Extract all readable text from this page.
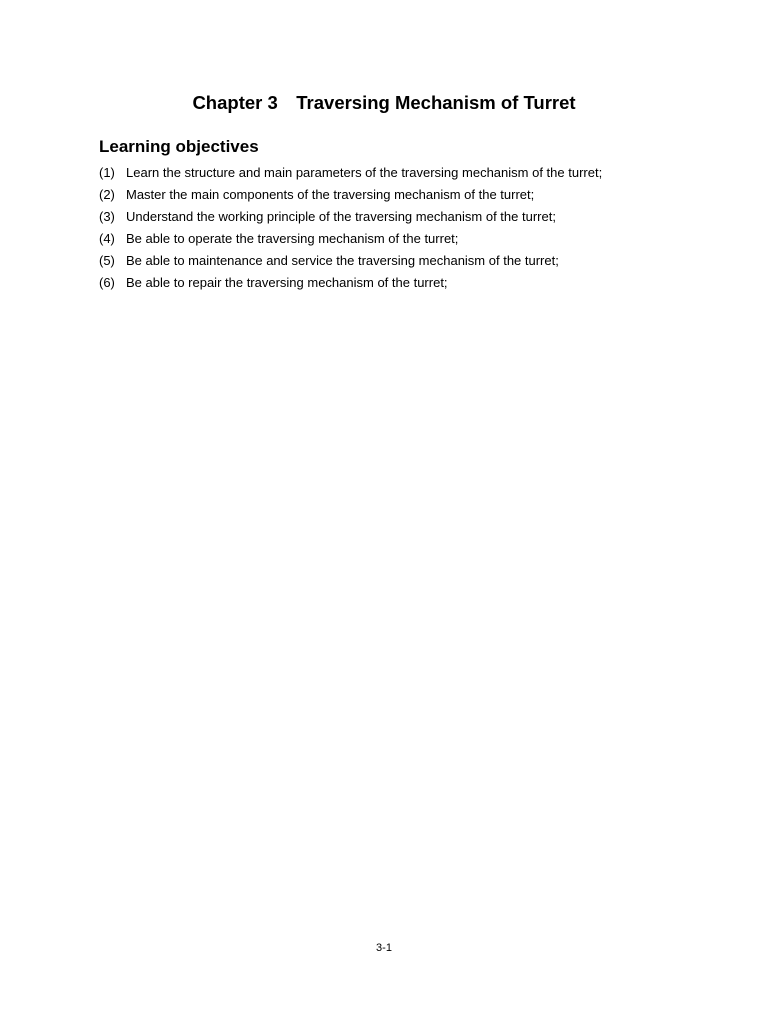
Chapter 3 Traversing Mechanism of Turret
Learning objectives
(1) Learn the structure and main parameters of the traversing mechanism of the turret;
(2) Master the main components of the traversing mechanism of the turret;
(3) Understand the working principle of the traversing mechanism of the turret;
(4) Be able to operate the traversing mechanism of the turret;
(5) Be able to maintenance and service the traversing mechanism of the turret;
(6) Be able to repair the traversing mechanism of the turret;
3-1
